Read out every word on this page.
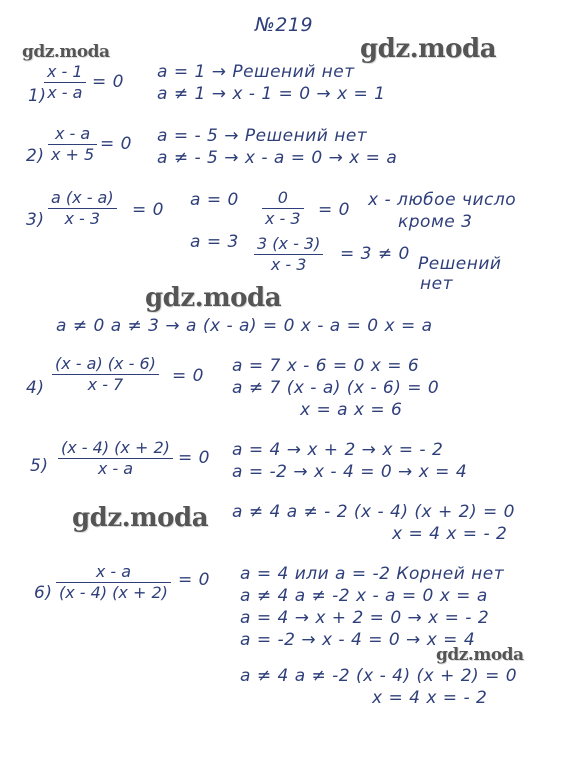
№219
gdz.moda
gdz.moda
gdz.moda
gdz.moda
gdz.moda
1)
$\frac{x - 1}{x - a} = 0$ a = 1 → Решений нет
a ≠ 1 → x - 1 = 0 → x = 1
$2) \frac{x - a}{x + 5} = 0$ a = - 5 → Решений нет
a ≠ - 5 → x - a = 0 → x = a
$3) \frac{a (x - a)}{x - 3} = 0$ $a = 0 \frac{0}{x - 3} = 0$ x - любое число
кроме 3
$a = 3 \frac{3 (x - 3)}{x - 3} = 3 \ne 0$ Решений
нет
a ≠ 0 a ≠ 3 → a (x - a) = 0 x - a = 0 x = a
$4) \frac{(x - a) (x - 6)}{x - 7} = 0$ a = 7 x - 6 = 0 x = 6
a ≠ 7 (x - a) (x - 6) = 0
x = a x = 6
$5) \frac{(x - 4) (x + 2)}{x - a} = 0$ a = 4 → x + 2 → x = - 2
a = -2 → x - 4 = 0 → x = 4
a ≠ 4 a ≠ - 2 (x - 4) (x + 2) = 0
x = 4 x = - 2
$6) \frac{x - a}{(x - 4) (x + 2)} = 0$ a = 4 или a = -2 Корней нет
a ≠ 4 a ≠ -2 x - a = 0 x = a
a = 4 → x + 2 = 0 → x = - 2
a = -2 → x - 4 = 0 → x = 4
a ≠ 4 a ≠ -2 (x - 4) (x + 2) = 0
x = 4 x = - 2
